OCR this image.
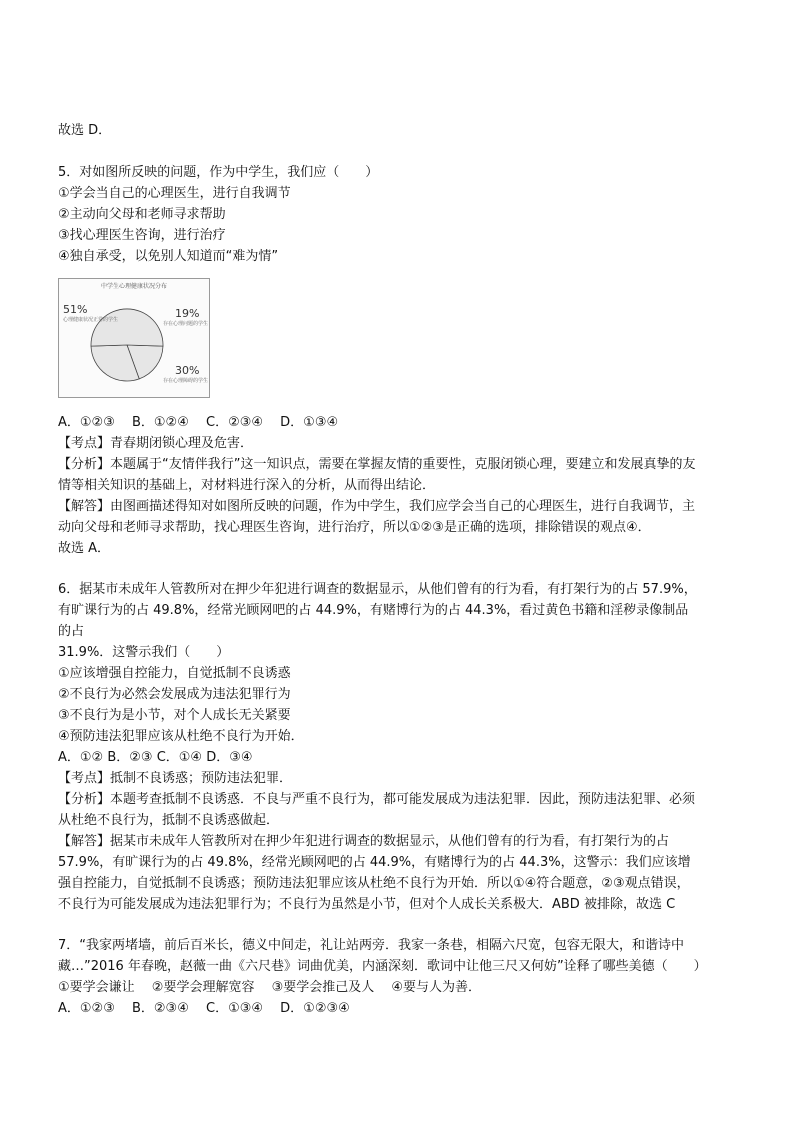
故选 D．
5．对如图所反映的问题，作为中学生，我们应（　　）
①学会当自己的心理医生，进行自我调节
②主动向父母和老师寻求帮助
③找心理医生咨询，进行治疗
④独自承受，以免别人知道而“难为情”
中学生心理健康状况分布
51%
心理健康状况正常的学生	19%
存在心理问题的学生
30%
存在心理障碍的学生
A．①②③　 B．①②④　 C．②③④　 D．①③④
【考点】青春期闭锁心理及危害．
【分析】本题属于“友情伴我行”这一知识点，需要在掌握友情的重要性，克服闭锁心理，要建立和发展真挚的友
情等相关知识的基础上，对材料进行深入的分析，从而得出结论．
【解答】由图画描述得知对如图所反映的问题，作为中学生，我们应学会当自己的心理医生，进行自我调节，主
动向父母和老师寻求帮助，找心理医生咨询，进行治疗，所以①②③是正确的选项，排除错误的观点④．
故选 A．
6．据某市未成年人管教所对在押少年犯进行调查的数据显示，从他们曾有的行为看，有打架行为的占 57.9%，
有旷课行为的占 49.8%，经常光顾网吧的占 44.9%，有赌博行为的占 44.3%，看过黄色书籍和淫秽录像制品
的占
31.9%．这警示我们（　　）
①应该增强自控能力，自觉抵制不良诱惑
②不良行为必然会发展成为违法犯罪行为
③不良行为是小节，对个人成长无关紧要
④预防违法犯罪应该从杜绝不良行为开始．
A．①② B．②③ C．①④ D．③④
【考点】抵制不良诱惑；预防违法犯罪．
【分析】本题考查抵制不良诱惑．不良与严重不良行为，都可能发展成为违法犯罪．因此，预防违法犯罪、必须
从杜绝不良行为，抵制不良诱惑做起．
【解答】据某市未成年人管教所对在押少年犯进行调查的数据显示，从他们曾有的行为看，有打架行为的占
57.9%，有旷课行为的占 49.8%，经常光顾网吧的占 44.9%，有赌博行为的占 44.3%，这警示：我们应该增
强自控能力，自觉抵制不良诱惑；预防违法犯罪应该从杜绝不良行为开始．所以①④符合题意，②③观点错误，
不良行为可能发展成为违法犯罪行为；不良行为虽然是小节，但对个人成长关系极大．ABD 被排除，故选 C
7．“我家两堵墙，前后百米长，德义中间走，礼让站两旁．我家一条巷，相隔六尺宽，包容无限大，和谐诗中
藏…”2016 年春晚，赵薇一曲《六尺巷》词曲优美，内涵深刻．歌词中让他三尺又何妨”诠释了哪些美德（　　）
①要学会谦让　 ②要学会理解宽容　 ③要学会推己及人　 ④要与人为善．
A．①②③　 B．②③④　 C．①③④　 D．①②③④
